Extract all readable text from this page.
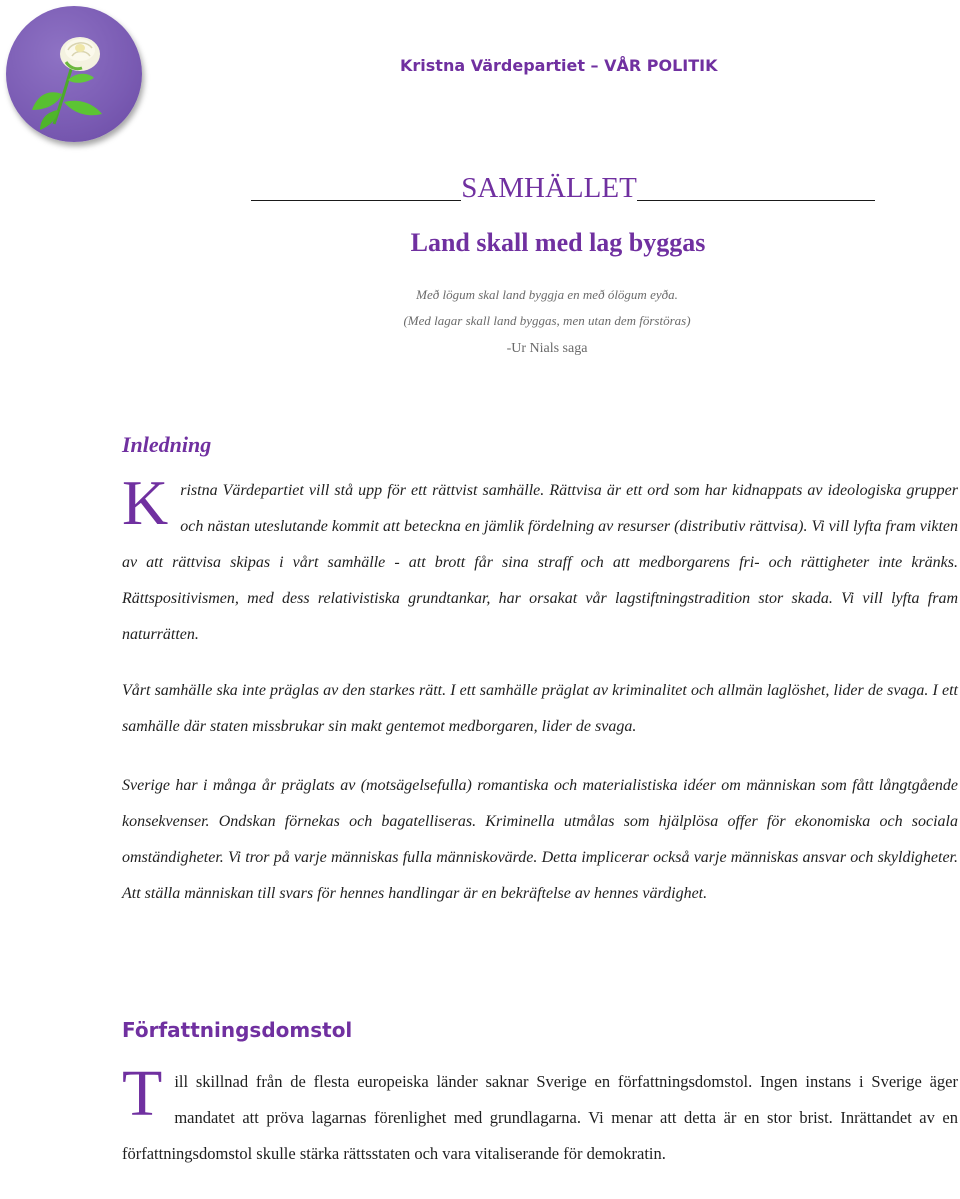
Kristna Värdepartiet – VÅR POLITIK
SAMHÄLLET
Land skall med lag byggas
Með lögum skal land byggja en með ólögum eyða.
(Med lagar skall land byggas, men utan dem förstöras)
-Ur Nials saga
Inledning
Kristna Värdepartiet vill stå upp för ett rättvist samhälle. Rättvisa är ett ord som har kidnappats av ideologiska grupper och nästan uteslutande kommit att beteckna en jämlik fördelning av resurser (distributiv rättvisa). Vi vill lyfta fram vikten av att rättvisa skipas i vårt samhälle - att brott får sina straff och att medborgarens fri- och rättigheter inte kränks. Rättspositivismen, med dess relativistiska grundtankar, har orsakat vår lagstiftningstradition stor skada. Vi vill lyfta fram naturrätten.
Vårt samhälle ska inte präglas av den starkes rätt. I ett samhälle präglat av kriminalitet och allmän laglöshet, lider de svaga. I ett samhälle där staten missbrukar sin makt gentemot medborgaren, lider de svaga.
Sverige har i många år präglats av (motsägelsefulla) romantiska och materialistiska idéer om människan som fått långtgående konsekvenser. Ondskan förnekas och bagatelliseras. Kriminella utmålas som hjälplösa offer för ekonomiska och sociala omständigheter. Vi tror på varje människas fulla människovärde. Detta implicerar också varje människas ansvar och skyldigheter. Att ställa människan till svars för hennes handlingar är en bekräftelse av hennes värdighet.
Författningsdomstol
Till skillnad från de flesta europeiska länder saknar Sverige en författningsdomstol. Ingen instans i Sverige äger mandatet att pröva lagarnas förenlighet med grundlagarna. Vi menar att detta är en stor brist. Inrättandet av en författningsdomstol skulle stärka rättsstaten och vara vitaliserande för demokratin.
